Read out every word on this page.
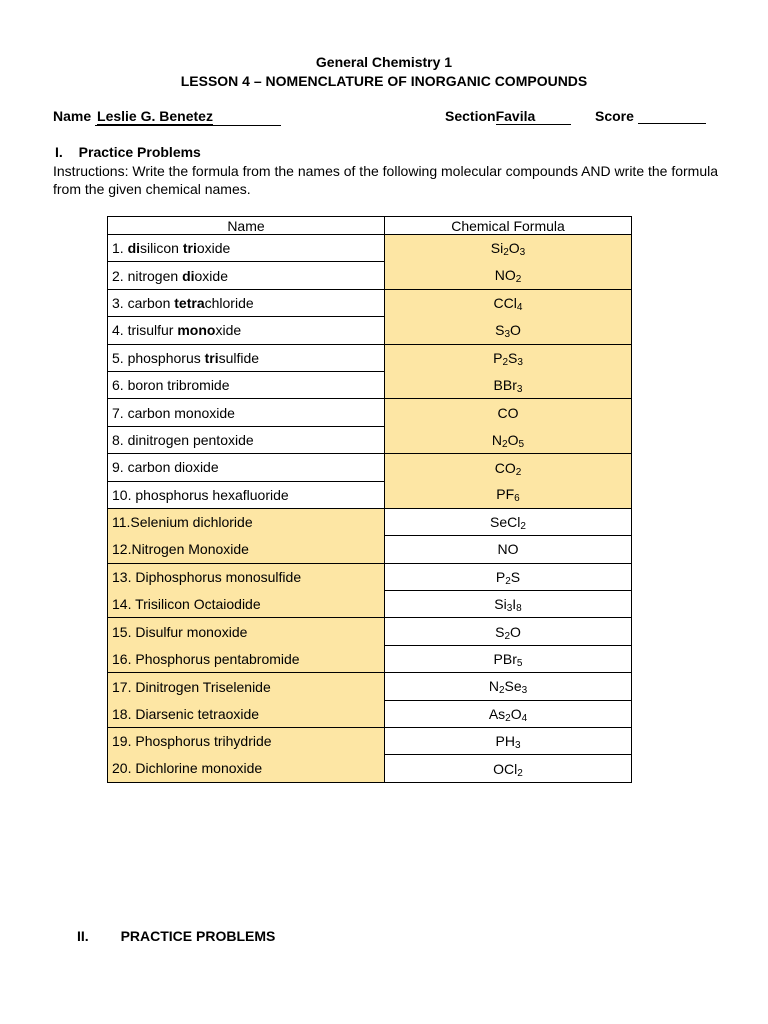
General Chemistry 1
LESSON 4 – NOMENCLATURE OF INORGANIC COMPOUNDS
Name Leslie G. Benetez	SectionFavila	Score
I. Practice Problems
Instructions: Write the formula from the names of the following molecular compounds AND write the formula from the given chemical names.
Name	Chemical Formula
1. disilicon trioxide	$Si_2O_3$
2. nitrogen dioxide	$NO_2$
3. carbon tetrachloride	CCl$_4$
4. trisulfur monoxide	$S_3O$
5. phosphorus trisulfide	$P_2S_3$
6. boron tribromide	BBr$_3$
7. carbon monoxide	CO
8. dinitrogen pentoxide	$N_2O_5$
9. carbon dioxide	$CO_2$
10. phosphorus hexafluoride	$PF_6$
11.Selenium dichloride	SeCl$_2$
12.Nitrogen Monoxide	NO
13. Diphosphorus monosulfide	$P_2S$
14. Trisilicon Octaiodide	$Si_3I_8$
15. Disulfur monoxide	$S_2O$
16. Phosphorus pentabromide	PBr$_5$
17. Dinitrogen Triselenide	$N_2Se_3$
18. Diarsenic tetraoxide	$As_2O_4$
19. Phosphorus trihydride	$PH_3$
20. Dichlorine monoxide	OCl$_2$
II. PRACTICE PROBLEMS
